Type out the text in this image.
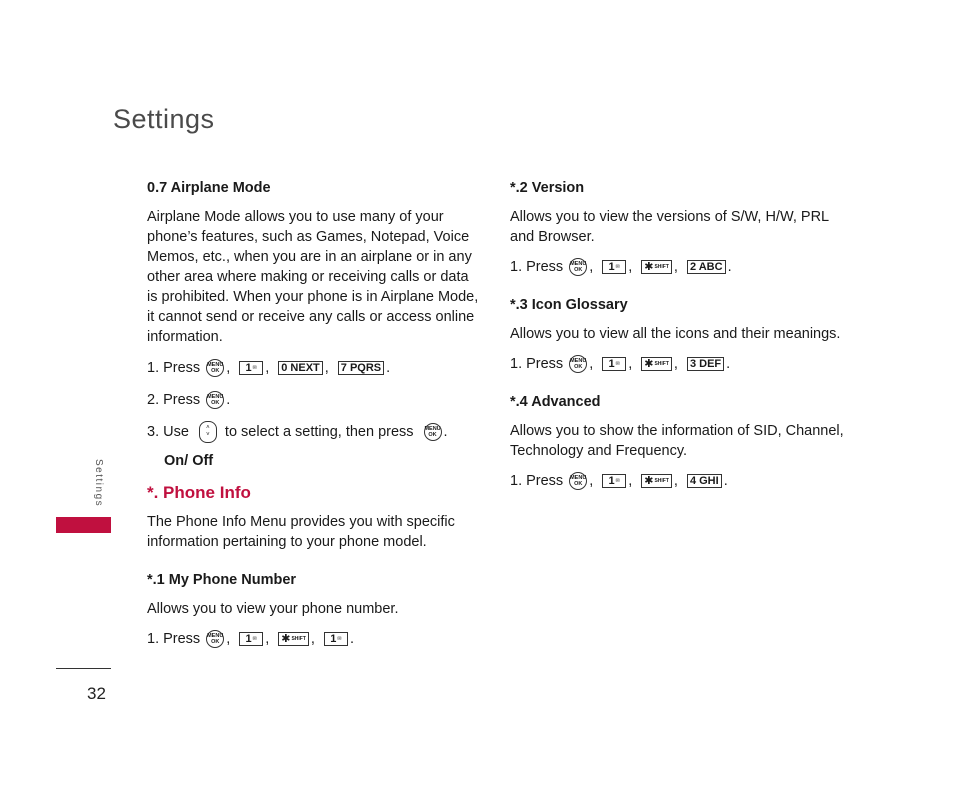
Settings
Settings
32

0.7 Airplane Mode

Airplane Mode allows you to use many of your phone’s features, such as Games, Notepad, Voice Memos, etc., when you are in an airplane or in any other area where making or receiving calls or data is prohibited. When your phone is in Airplane Mode, it cannot send or receive any calls or access online information.

1. Press MENU
OK , 1 ✉ , 0 NEXT , 7 PQRS .
2. Press MENU
OK .
3. Use	˄
˅ to select a setting, then press MENU
OK .

On/ Off

*. Phone Info

The Phone Info Menu provides you with specific information pertaining to your phone model.

*.1 My Phone Number

Allows you to view your phone number.

1. Press MENU
OK , 1 ✉ , ✱ SHIFT , 1 ✉ .

*.2 Version

Allows you to view the versions of S/W, H/W, PRL and Browser.

1. Press MENU
OK , 1 ✉ , ✱ SHIFT , 2 ABC .

*.3 Icon Glossary

Allows you to view all the icons and their meanings.

1. Press MENU
OK , 1 ✉ , ✱ SHIFT , 3 DEF .

*.4 Advanced

Allows you to show the information of SID, Channel, Technology and Frequency.

1. Press MENU
OK , 1 ✉ , ✱ SHIFT , 4 GHI .
